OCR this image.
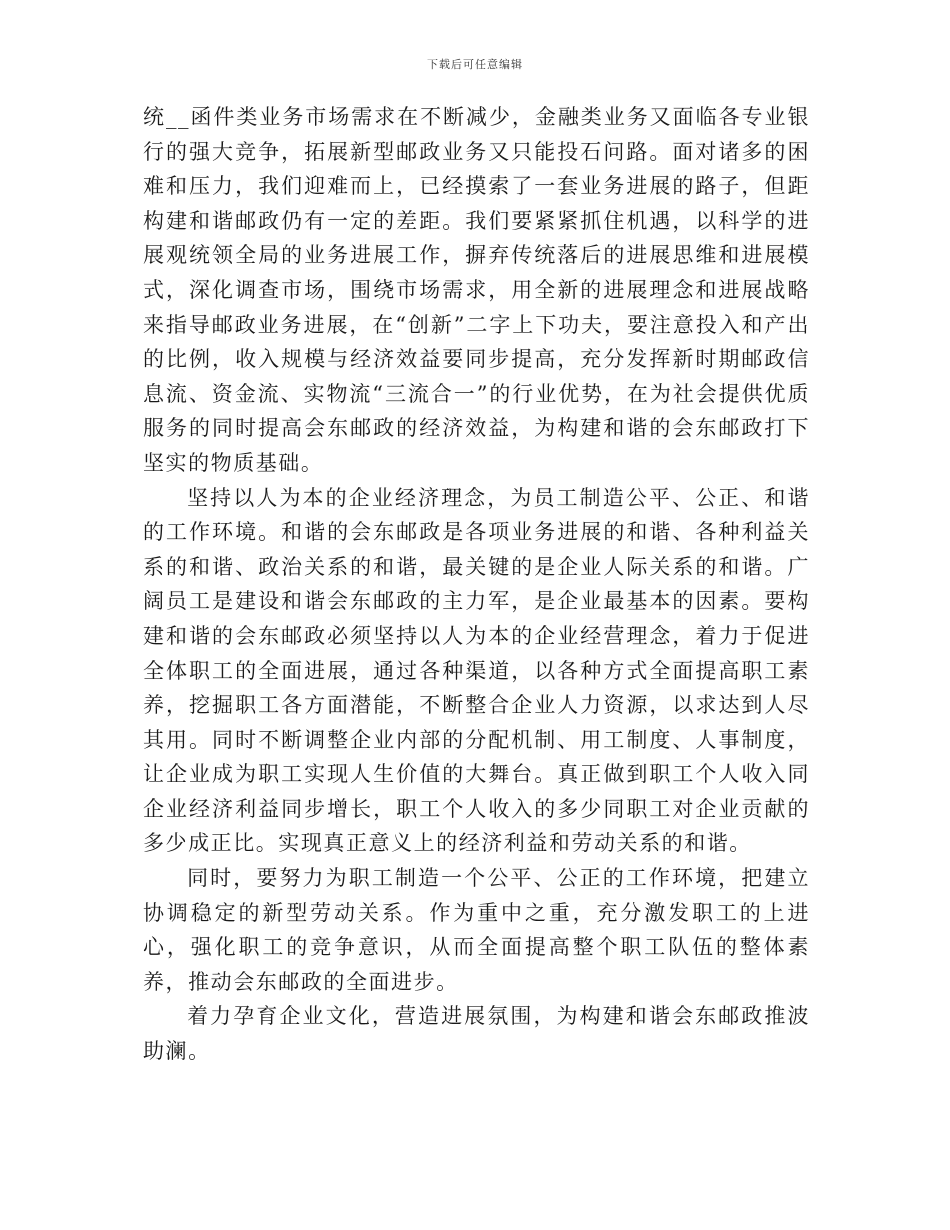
下载后可任意编辑

统__函件类业务市场需求在不断减少，金融类业务又面临各专业银行的强大竞争，拓展新型邮政业务又只能投石问路。面对诸多的困难和压力，我们迎难而上，已经摸索了一套业务进展的路子，但距构建和谐邮政仍有一定的差距。我们要紧紧抓住机遇，以科学的进展观统领全局的业务进展工作，摒弃传统落后的进展思维和进展模式，深化调查市场，围绕市场需求，用全新的进展理念和进展战略来指导邮政业务进展，在“创新”二字上下功夫，要注意投入和产出的比例，收入规模与经济效益要同步提高，充分发挥新时期邮政信息流、资金流、实物流“三流合一”的行业优势，在为社会提供优质服务的同时提高会东邮政的经济效益，为构建和谐的会东邮政打下坚实的物质基础。

坚持以人为本的企业经济理念，为员工制造公平、公正、和谐的工作环境。和谐的会东邮政是各项业务进展的和谐、各种利益关系的和谐、政治关系的和谐，最关键的是企业人际关系的和谐。广阔员工是建设和谐会东邮政的主力军，是企业最基本的因素。要构建和谐的会东邮政必须坚持以人为本的企业经营理念，着力于促进全体职工的全面进展，通过各种渠道，以各种方式全面提高职工素养，挖掘职工各方面潜能，不断整合企业人力资源，以求达到人尽其用。同时不断调整企业内部的分配机制、用工制度、人事制度，让企业成为职工实现人生价值的大舞台。真正做到职工个人收入同企业经济利益同步增长，职工个人收入的多少同职工对企业贡献的多少成正比。实现真正意义上的经济利益和劳动关系的和谐。

同时，要努力为职工制造一个公平、公正的工作环境，把建立协调稳定的新型劳动关系。作为重中之重，充分激发职工的上进心，强化职工的竞争意识，从而全面提高整个职工队伍的整体素养，推动会东邮政的全面进步。

着力孕育企业文化，营造进展氛围，为构建和谐会东邮政推波助澜。
